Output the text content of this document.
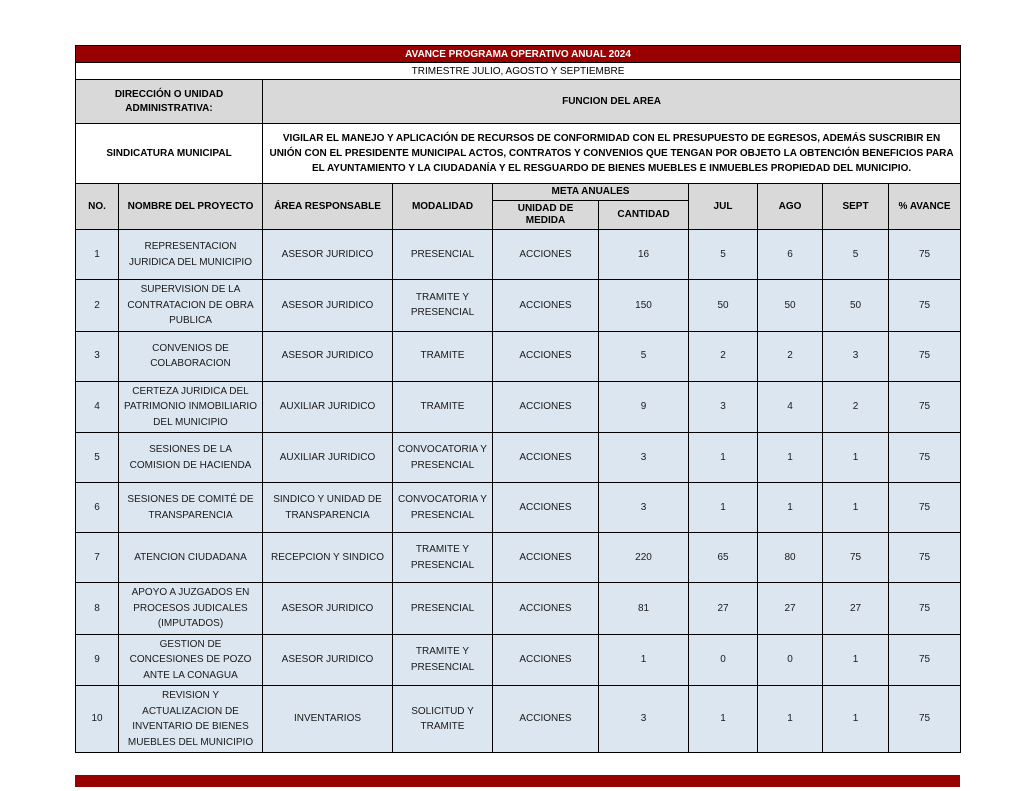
AVANCE PROGRAMA OPERATIVO ANUAL 2024									
TRIMESTRE JULIO, AGOSTO Y SEPTIEMBRE									
DIRECCIÓN O UNIDAD ADMINISTRATIVA:		FUNCION DEL AREA							
SINDICATURA MUNICIPAL		VIGILAR EL MANEJO Y APLICACIÓN DE RECURSOS DE CONFORMIDAD CON EL PRESUPUESTO DE EGRESOS, ADEMÁS SUSCRIBIR EN UNIÓN CON EL PRESIDENTE MUNICIPAL ACTOS, CONTRATOS Y CONVENIOS QUE TENGAN POR OBJETO LA OBTENCIÓN BENEFICIOS PARA EL AYUNTAMIENTO Y LA CIUDADANÍA Y EL RESGUARDO DE BIENES MUEBLES E INMUEBLES PROPIEDAD DEL MUNICIPIO.							
NO.	NOMBRE DEL PROYECTO	ÁREA RESPONSABLE	MODALIDAD	META ANUALES		JUL	AGO	SEPT	% AVANCE
				UNIDAD DE MEDIDA	CANTIDAD				
1	REPRESENTACION JURIDICA DEL MUNICIPIO	ASESOR JURIDICO	PRESENCIAL	ACCIONES	16	5	6	5	75
2	SUPERVISION DE LA CONTRATACION DE OBRA PUBLICA	ASESOR JURIDICO	TRAMITE Y PRESENCIAL	ACCIONES	150	50	50	50	75
3	CONVENIOS DE COLABORACION	ASESOR JURIDICO	TRAMITE	ACCIONES	5	2	2	3	75
4	CERTEZA JURIDICA DEL PATRIMONIO INMOBILIARIO DEL MUNICIPIO	AUXILIAR JURIDICO	TRAMITE	ACCIONES	9	3	4	2	75
5	SESIONES DE LA COMISION DE HACIENDA	AUXILIAR JURIDICO	CONVOCATORIA Y PRESENCIAL	ACCIONES	3	1	1	1	75
6	SESIONES DE COMITÉ DE TRANSPARENCIA	SINDICO Y UNIDAD DE TRANSPARENCIA	CONVOCATORIA Y PRESENCIAL	ACCIONES	3	1	1	1	75
7	ATENCION CIUDADANA	RECEPCION Y SINDICO	TRAMITE Y PRESENCIAL	ACCIONES	220	65	80	75	75
8	APOYO A JUZGADOS EN PROCESOS JUDICALES (IMPUTADOS)	ASESOR JURIDICO	PRESENCIAL	ACCIONES	81	27	27	27	75
9	GESTION DE CONCESIONES DE POZO ANTE LA CONAGUA	ASESOR JURIDICO	TRAMITE Y PRESENCIAL	ACCIONES	1	0	0	1	75
10	REVISION Y ACTUALIZACION DE INVENTARIO DE BIENES MUEBLES DEL MUNICIPIO	INVENTARIOS	SOLICITUD Y TRAMITE	ACCIONES	3	1	1	1	75
